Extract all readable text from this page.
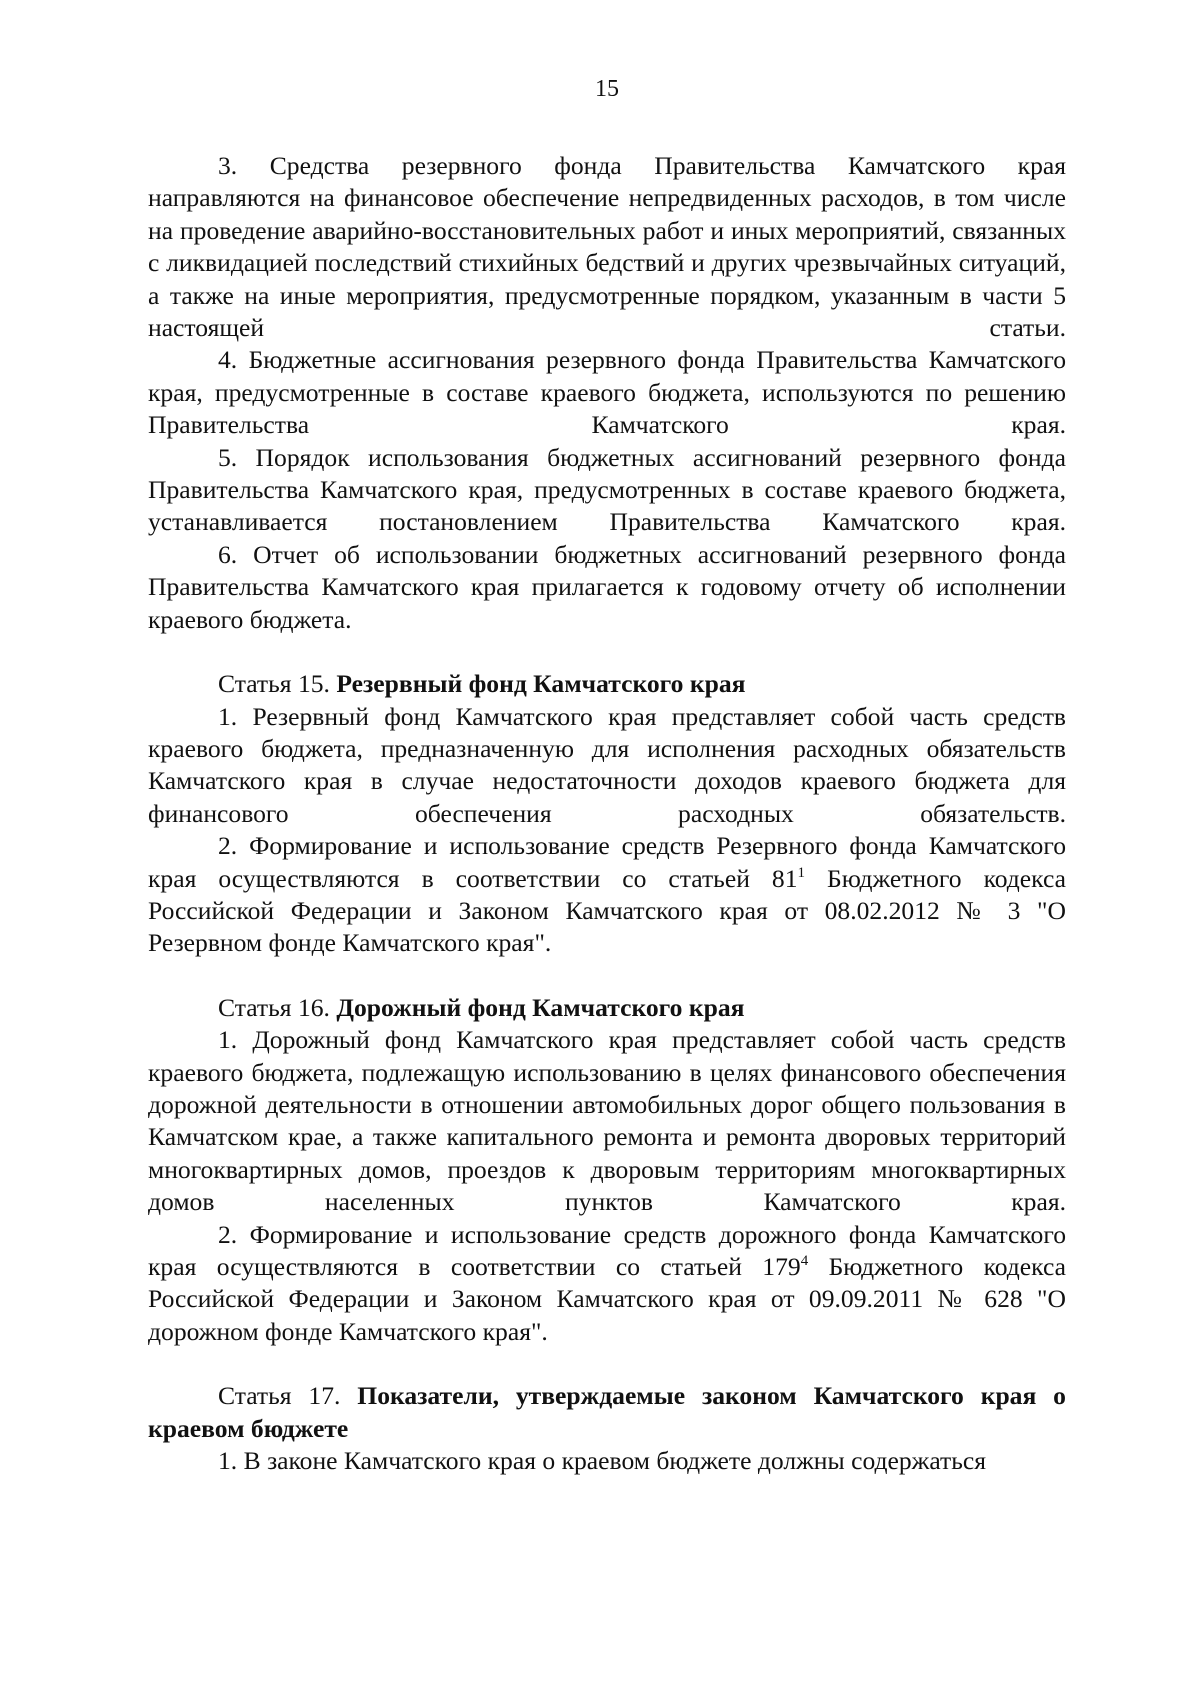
15

3. Средства резервного фонда Правительства Камчатского края направляются на финансовое обеспечение непредвиденных расходов, в том числе на проведение аварийно-восстановительных работ и иных мероприятий, связанных с ликвидацией последствий стихийных бедствий и других чрезвычайных ситуаций, а также на иные мероприятия, предусмотренные порядком, указанным в части 5 настоящей статьи.

4. Бюджетные ассигнования резервного фонда Правительства Камчатского края, предусмотренные в составе краевого бюджета, используются по решению Правительства Камчатского края.

5. Порядок использования бюджетных ассигнований резервного фонда Правительства Камчатского края, предусмотренных в составе краевого бюджета, устанавливается постановлением Правительства Камчатского края.

6. Отчет об использовании бюджетных ассигнований резервного фонда Правительства Камчатского края прилагается к годовому отчету об исполнении краевого бюджета.

Статья 15. Резервный фонд Камчатского края

1. Резервный фонд Камчатского края представляет собой часть средств краевого бюджета, предназначенную для исполнения расходных обязательств Камчатского края в случае недостаточности доходов краевого бюджета для финансового обеспечения расходных обязательств.

2. Формирование и использование средств Резервного фонда Камчатского края осуществляются в соответствии со статьей $81^1$ Бюджетного кодекса Российской Федерации и Законом Камчатского края от 08.02.2012 № 3 "О Резервном фонде Камчатского края".

Статья 16. Дорожный фонд Камчатского края

1. Дорожный фонд Камчатского края представляет собой часть средств краевого бюджета, подлежащую использованию в целях финансового обеспечения дорожной деятельности в отношении автомобильных дорог общего пользования в Камчатском крае, а также капитального ремонта и ремонта дворовых территорий многоквартирных домов, проездов к дворовым территориям многоквартирных домов населенных пунктов Камчатского края.

2. Формирование и использование средств дорожного фонда Камчатского края осуществляются в соответствии со статьей $179^4$ Бюджетного кодекса Российской Федерации и Законом Камчатского края от 09.09.2011 № 628 "О дорожном фонде Камчатского края".

Статья 17. Показатели, утверждаемые законом Камчатского края о краевом бюджете

1. В законе Камчатского края о краевом бюджете должны содержаться
